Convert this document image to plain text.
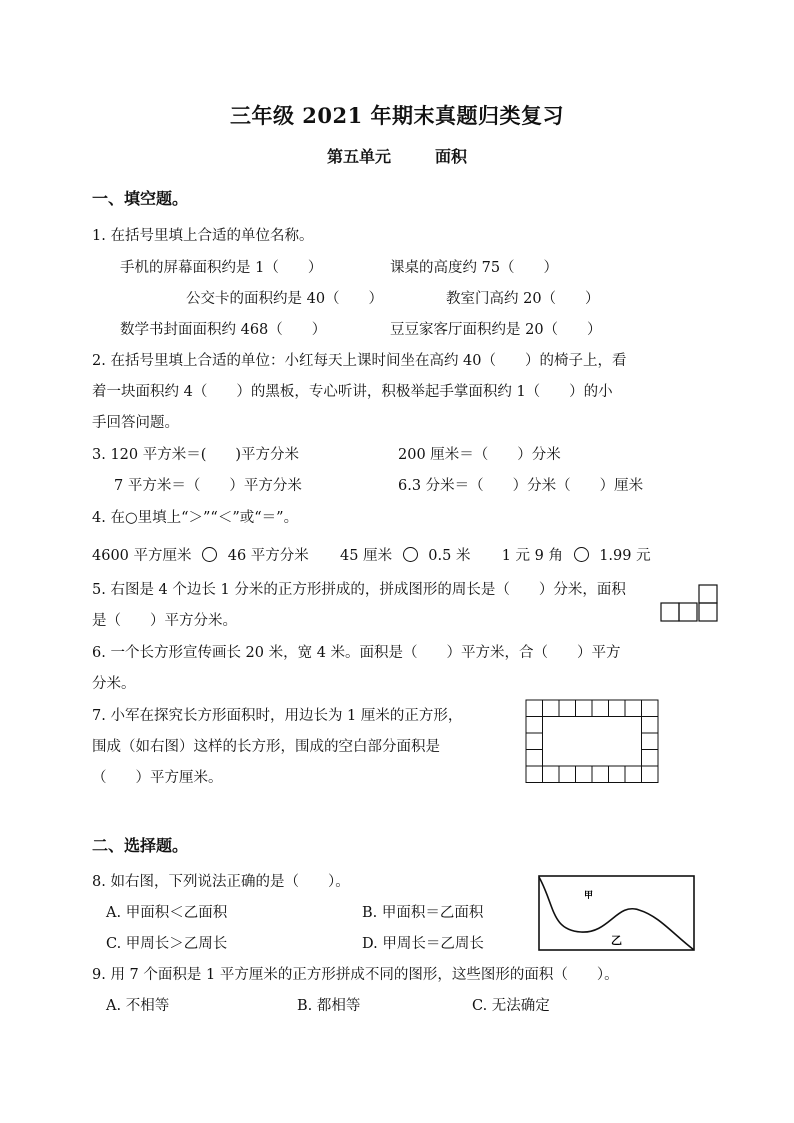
三年级 2021 年期末真题归类复习
第五单元	面积
一、填空题。
1. 在括号里填上合适的单位名称。
手机的屏幕面积约是 1（　　）	课桌的高度约 75（　　）
公交卡的面积约是 40（　　）	教室门高约 20（　　）
数学书封面面积约 468（　　）	豆豆家客厅面积约是 20（　　）
2. 在括号里填上合适的单位：小红每天上课时间坐在高约 40（　　）的椅子上，看
着一块面积约 4（　　）的黑板，专心听讲，积极举起手掌面积约 1（　　）的小
手回答问题。
3. 120 平方米＝(　　)平方分米	200 厘米＝（　　）分米
7 平方米＝（　　）平方分米	6.3 分米＝（　　）分米（　　）厘米
4. 在○里填上“＞”“＜”或“＝”。
4600 平方厘米 46 平方分米 45 厘米 0.5 米 1 元 9 角 1.99 元
5. 右图是 4 个边长 1 分米的正方形拼成的，拼成图形的周长是（　　）分米，面积
是（　　）平方分米。
6. 一个长方形宣传画长 20 米，宽 4 米。面积是（　　）平方米，合（　　）平方
分米。
7. 小军在探究长方形面积时，用边长为 1 厘米的正方形，
围成（如右图）这样的长方形，围成的空白部分面积是
（　　）平方厘米。
二、选择题。
8. 如右图，下列说法正确的是（　　）。
A. 甲面积＜乙面积	B. 甲面积＝乙面积
C. 甲周长＞乙周长	D. 甲周长＝乙周长
甲
乙
9. 用 7 个面积是 1 平方厘米的正方形拼成不同的图形，这些图形的面积（　　）。
A. 不相等	B. 都相等	C. 无法确定
